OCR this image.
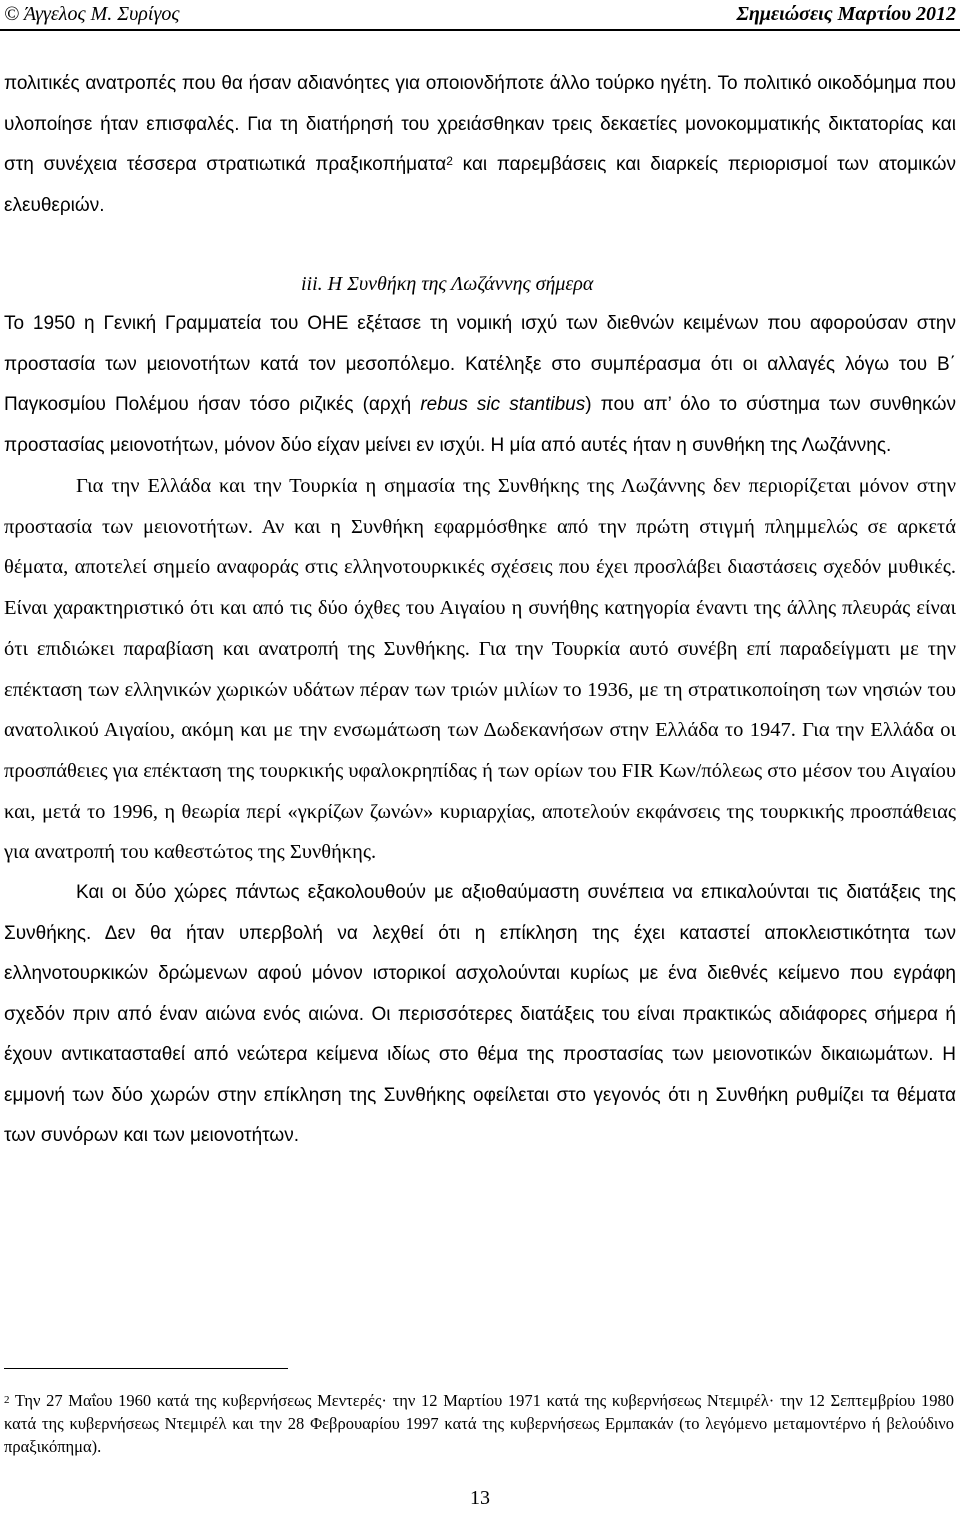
© Άγγελος Μ. Συρίγος	Σημειώσεις Μαρτίου 2012

πολιτικές ανατροπές που θα ήσαν αδιανόητες για οποιονδήποτε άλλο τούρκο ηγέτη. Το πολιτικό οικοδόμημα που υλοποίησε ήταν επισφαλές. Για τη διατήρησή του χρειάσθηκαν τρεις δεκαετίες μονοκομματικής δικτατορίας και στη συνέχεια τέσσερα στρατιωτικά πραξικοπήματα$^2$ και παρεμβάσεις και διαρκείς περιορισμοί των ατομικών ελευθεριών.

iii. Η Συνθήκη της Λωζάννης σήμερα

Το 1950 η Γενική Γραμματεία του ΟΗΕ εξέτασε τη νομική ισχύ των διεθνών κειμένων που αφορούσαν στην προστασία των μειονοτήτων κατά τον μεσοπόλεμο. Κατέληξε στο συμπέρασμα ότι οι αλλαγές λόγω του Β΄ Παγκοσμίου Πολέμου ήσαν τόσο ριζικές (αρχή rebus sic stantibus) που απ’ όλο το σύστημα των συνθηκών προστασίας μειονοτήτων, μόνον δύο είχαν μείνει εν ισχύι. Η μία από αυτές ήταν η συνθήκη της Λωζάννης.

Για την Ελλάδα και την Τουρκία η σημασία της Συνθήκης της Λωζάννης δεν περιορίζεται μόνον στην προστασία των μειονοτήτων. Αν και η Συνθήκη εφαρμόσθηκε από την πρώτη στιγμή πλημμελώς σε αρκετά θέματα, αποτελεί σημείο αναφοράς στις ελληνοτουρκικές σχέσεις που έχει προσλάβει διαστάσεις σχεδόν μυθικές. Είναι χαρακτηριστικό ότι και από τις δύο όχθες του Αιγαίου η συνήθης κατηγορία έναντι της άλλης πλευράς είναι ότι επιδιώκει παραβίαση και ανατροπή της Συνθήκης. Για την Τουρκία αυτό συνέβη επί παραδείγματι με την επέκταση των ελληνικών χωρικών υδάτων πέραν των τριών μιλίων το 1936, με τη στρατικοποίηση των νησιών του ανατολικού Αιγαίου, ακόμη και με την ενσωμάτωση των Δωδεκανήσων στην Ελλάδα το 1947. Για την Ελλάδα οι προσπάθειες για επέκταση της τουρκικής υφαλοκρηπίδας ή των ορίων του FIR Κων/πόλεως στο μέσον του Αιγαίου και, μετά το 1996, η θεωρία περί «γκρίζων ζωνών» κυριαρχίας, αποτελούν εκφάνσεις της τουρκικής προσπάθειας για ανατροπή του καθεστώτος της Συνθήκης.

Και οι δύο χώρες πάντως εξακολουθούν με αξιοθαύμαστη συνέπεια να επικαλούνται τις διατάξεις της Συνθήκης. Δεν θα ήταν υπερβολή να λεχθεί ότι η επίκληση της έχει καταστεί αποκλειστικότητα των ελληνοτουρκικών δρώμενων αφού μόνον ιστορικοί ασχολούνται κυρίως με ένα διεθνές κείμενο που εγράφη σχεδόν πριν από έναν αιώνα ενός αιώνα. Οι περισσότερες διατάξεις του είναι πρακτικώς αδιάφορες σήμερα ή έχουν αντικατασταθεί από νεώτερα κείμενα ιδίως στο θέμα της προστασίας των μειονοτικών δικαιωμάτων. Η εμμονή των δύο χωρών στην επίκληση της Συνθήκης οφείλεται στο γεγονός ότι η Συνθήκη ρυθμίζει τα θέματα των συνόρων και των μειονοτήτων.

$^2$ Την 27 Μαΐου 1960 κατά της κυβερνήσεως Μεντερές· την 12 Μαρτίου 1971 κατά της κυβερνήσεως Ντεμιρέλ· την 12 Σεπτεμβρίου 1980 κατά της κυβερνήσεως Ντεμιρέλ και την 28 Φεβρουαρίου 1997 κατά της κυβερνήσεως Ερμπακάν (το λεγόμενο μεταμοντέρνο ή βελούδινο πραξικόπημα).

13
